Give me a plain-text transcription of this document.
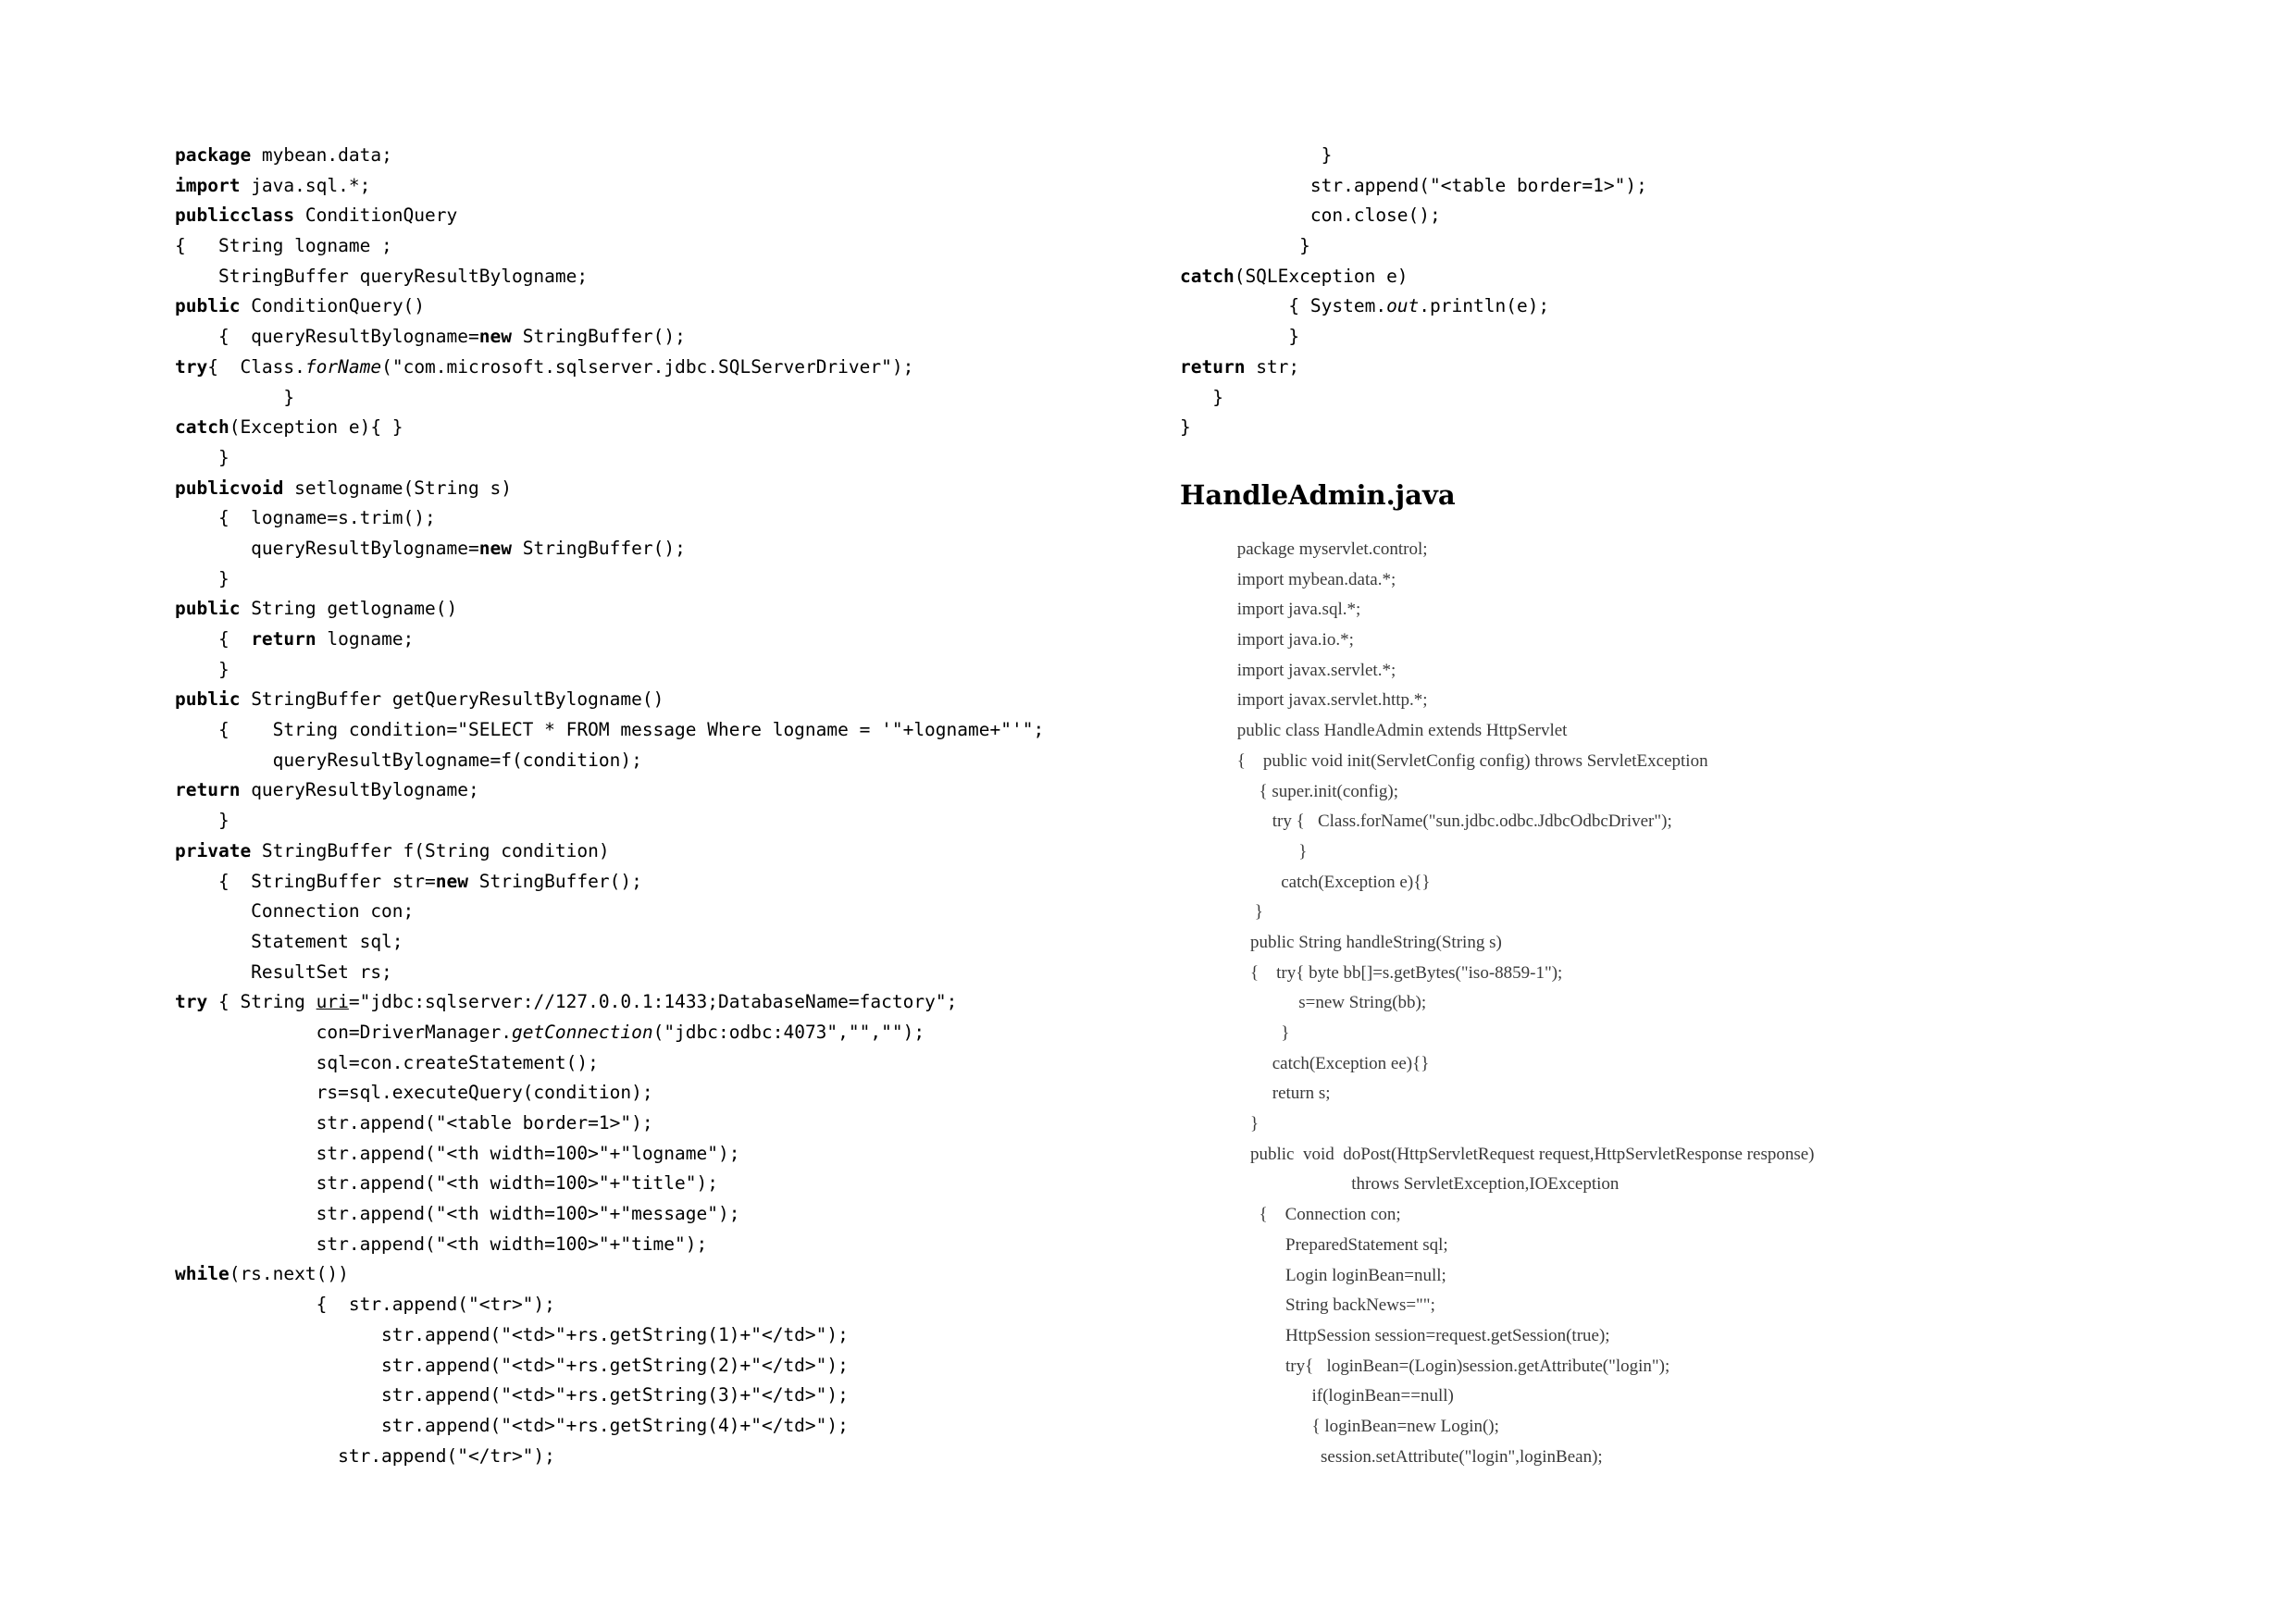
package mybean.data;
import java.sql.*;
publicclass ConditionQuery
{   String logname ;
StringBuffer queryResultBylogname;
public ConditionQuery()
{  queryResultBylogname=new StringBuffer();
try{  Class.forName("com.microsoft.sqlserver.jdbc.SQLServerDriver");
}
catch(Exception e){ }
}
publicvoid setlogname(String s)
{  logname=s.trim();
queryResultBylogname=new StringBuffer();
}
public String getlogname()
{  return logname;
}
public StringBuffer getQueryResultBylogname()
{    String condition="SELECT * FROM message Where logname = '"+logname+"'";
queryResultBylogname=f(condition);
return queryResultBylogname;
}
private StringBuffer f(String condition)
{  StringBuffer str=new StringBuffer();
Connection con;
Statement sql;
ResultSet rs;
try { String uri="jdbc:sqlserver://127.0.0.1:1433;DatabaseName=factory";
con=DriverManager.getConnection("jdbc:odbc:4073","","");
sql=con.createStatement();
rs=sql.executeQuery(condition);
str.append("<table border=1>");
str.append("<th width=100>"+"logname");
str.append("<th width=100>"+"title");
str.append("<th width=100>"+"message");
str.append("<th width=100>"+"time");
while(rs.next())
{  str.append("<tr>");
str.append("<td>"+rs.getString(1)+"</td>");
str.append("<td>"+rs.getString(2)+"</td>");
str.append("<td>"+rs.getString(3)+"</td>");
str.append("<td>"+rs.getString(4)+"</td>");
str.append("</tr>");
}
str.append("<table border=1>");
con.close();
}
catch(SQLException e)
{ System.out.println(e);
}
return str;
}
}
HandleAdmin.java
package myservlet.control;
import mybean.data.*;
import java.sql.*;
import java.io.*;
import javax.servlet.*;
import javax.servlet.http.*;
public class HandleAdmin extends HttpServlet
{    public void init(ServletConfig config) throws ServletException
{ super.init(config);
try {   Class.forName("sun.jdbc.odbc.JdbcOdbcDriver");
}
catch(Exception e){}
}
public String handleString(String s)
{    try{ byte bb[]=s.getBytes("iso-8859-1");
s=new String(bb);
}
catch(Exception ee){}
return s;
}
public  void  doPost(HttpServletRequest request,HttpServletResponse response)
throws ServletException,IOException
{    Connection con;
PreparedStatement sql;
Login loginBean=null;
String backNews="";
HttpSession session=request.getSession(true);
try{   loginBean=(Login)session.getAttribute("login");
if(loginBean==null)
{ loginBean=new Login();
session.setAttribute("login",loginBean);
